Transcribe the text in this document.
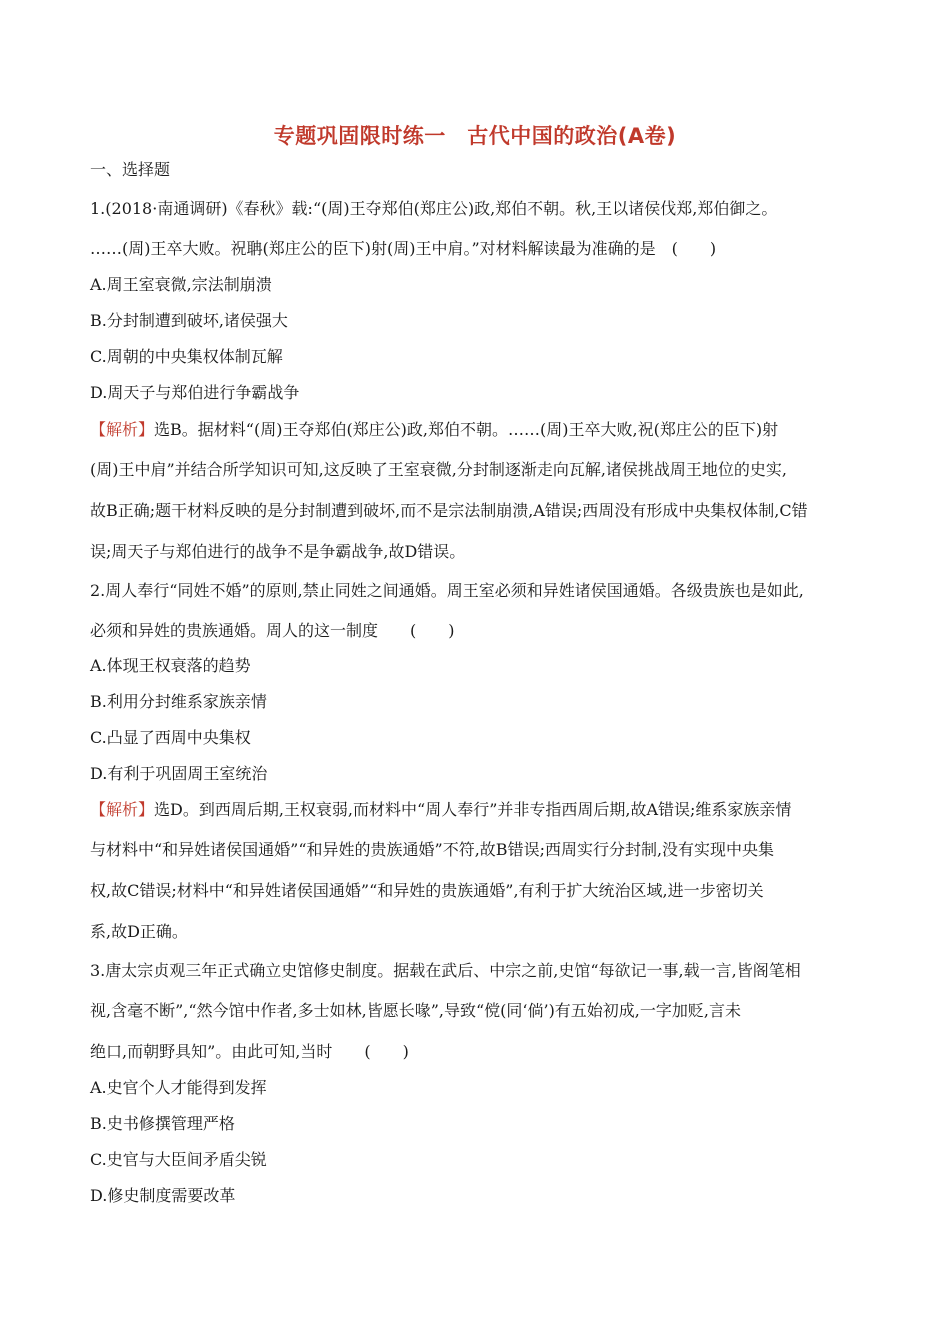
专题巩固限时练一　古代中国的政治(A卷)
一、选择题
1.(2018·南通调研)《春秋》载:“(周)王夺郑伯(郑庄公)政,郑伯不朝。秋,王以诸侯伐郑,郑伯御之。
……(周)王卒大败。祝聃(郑庄公的臣下)射(周)王中肩。”对材料解读最为准确的是　(　　)
A.周王室衰微,宗法制崩溃
B.分封制遭到破坏,诸侯强大
C.周朝的中央集权体制瓦解
D.周天子与郑伯进行争霸战争
【解析】选B。据材料“(周)王夺郑伯(郑庄公)政,郑伯不朝。……(周)王卒大败,祝(郑庄公的臣下)射
(周)王中肩”并结合所学知识可知,这反映了王室衰微,分封制逐渐走向瓦解,诸侯挑战周王地位的史实,
故B正确;题干材料反映的是分封制遭到破坏,而不是宗法制崩溃,A错误;西周没有形成中央集权体制,C错
误;周天子与郑伯进行的战争不是争霸战争,故D错误。
2.周人奉行“同姓不婚”的原则,禁止同姓之间通婚。周王室必须和异姓诸侯国通婚。各级贵族也是如此,
必须和异姓的贵族通婚。周人的这一制度　　(　　)
A.体现王权衰落的趋势
B.利用分封维系家族亲情
C.凸显了西周中央集权
D.有利于巩固周王室统治
【解析】选D。到西周后期,王权衰弱,而材料中“周人奉行”并非专指西周后期,故A错误;维系家族亲情
与材料中“和异姓诸侯国通婚”“和异姓的贵族通婚”不符,故B错误;西周实行分封制,没有实现中央集
权,故C错误;材料中“和异姓诸侯国通婚”“和异姓的贵族通婚”,有利于扩大统治区域,进一步密切关
系,故D正确。
3.唐太宗贞观三年正式确立史馆修史制度。据载在武后、中宗之前,史馆“每欲记一事,载一言,皆阁笔相
视,含毫不断”,“然今馆中作者,多士如林,皆愿长喙”,导致“傥(同‘倘’)有五始初成,一字加贬,言未
绝口,而朝野具知”。由此可知,当时　　(　　)
A.史官个人才能得到发挥
B.史书修撰管理严格
C.史官与大臣间矛盾尖锐
D.修史制度需要改革
